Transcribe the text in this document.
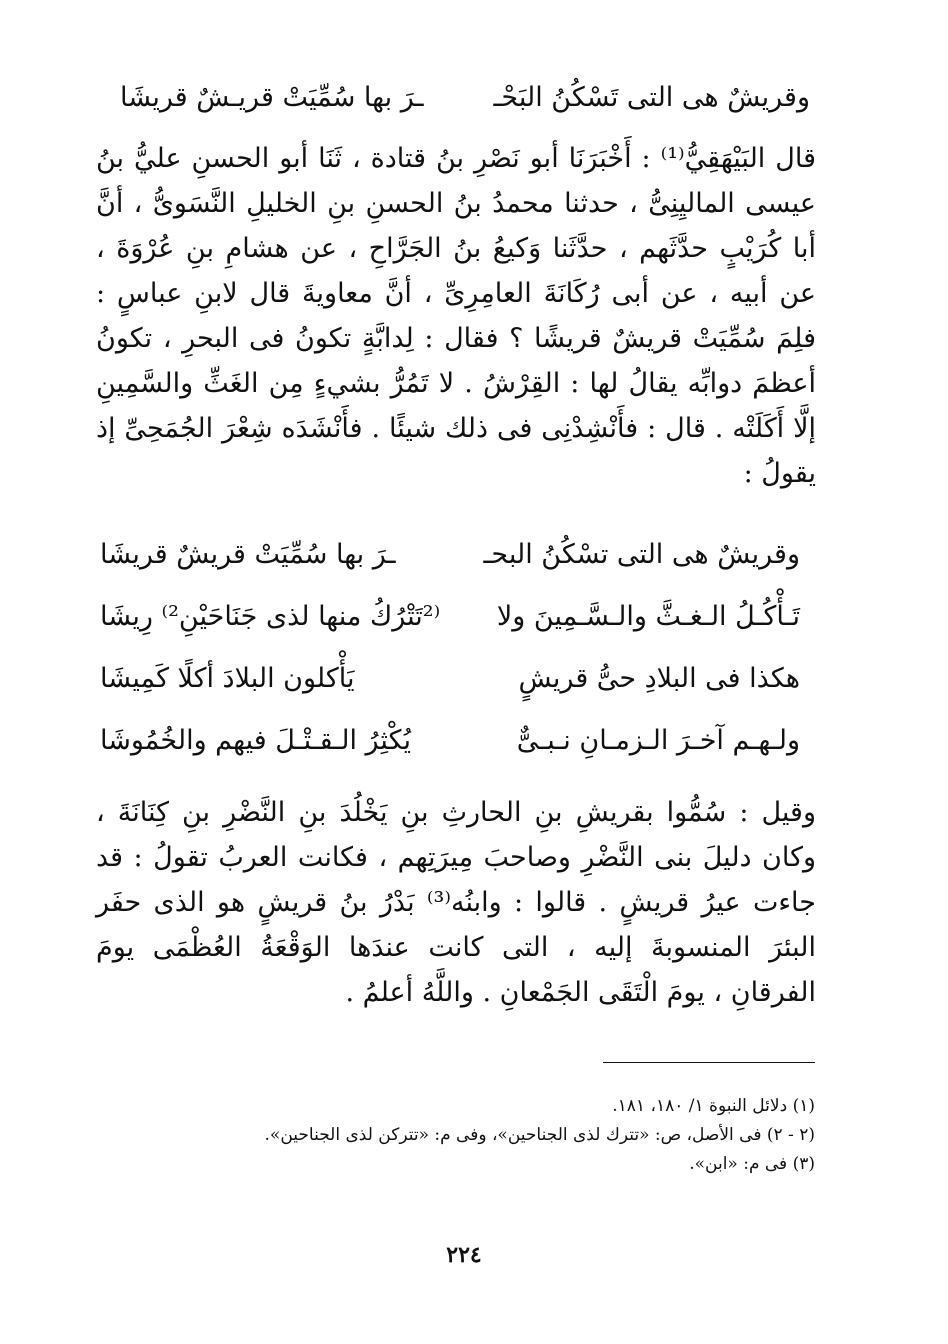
وقريشٌ هى التى تَسْكُنُ البَحْـ
ـرَ بها سُمِّيَتْ قريـشٌ قريشَا

قال البَيْهَقِيُّ⁽¹⁾ : أَخْبَرَنَا أبو نَصْرِ بنُ قتادة ، ثَنَا أبو الحسنِ عليُّ بنُ عيسى الماليِنِىُّ ، حدثنا محمدُ بنُ الحسنِ بنِ الخليلِ النَّسَوىُّ ، أنَّ أبا كُرَيْبٍ حدَّثَهم ، حدَّثَنا وَكيعُ بنُ الجَرَّاحِ ، عن هشامِ بنِ عُرْوَةَ ، عن أبيه ، عن أبى رُكَانَةَ العامِرِىِّ ، أنَّ معاويةَ قال لابنِ عباسٍ : فلِمَ سُمِّيَتْ قريشٌ قريشًا ؟ فقال : لِدابَّةٍ تكونُ فى البحرِ ، تكونُ أعظمَ دوابِّه يقالُ لها : القِرْشُ . لا تَمُرُّ بشيءٍ مِن الغَثِّ والسَّمِينِ إلَّا أَكَلَتْه . قال : فأَنْشِدْنِى فى ذلك شيئًا . فأَنْشَدَه شِعْرَ الجُمَحِىِّ إذ يقولُ :

وقريشٌ هى التى تسْكُنُ البحـ
ـرَ بها سُمِّيَتْ قريشٌ قريشَا
تَـأْكُـلُ الـغـثَّ والـسَّـمِينَ ولا
⁽²تَتْرُكُ منها لذى جَنَاحَيْنِ²⁾ رِيشَا
هكذا فى البلادِ حىُّ قريشٍ
يَأْكلون البلادَ أكلًا كَمِيشَا
ولـهـم آخـرَ الـزمـانِ نـبـىٌّ
يُكْثِرُ الـقـتْـلَ فيهم والخُمُوشَا

وقيل : سُمُّوا بقريشِ بنِ الحارثِ بنِ يَخْلُدَ بنِ النَّضْرِ بنِ كِنَانَةَ ، وكان دليلَ بنى النَّضْرِ وصاحبَ مِيرَتِهم ، فكانت العربُ تقولُ : قد جاءت عيرُ قريشٍ . قالوا : وابنُه⁽³⁾ بَدْرُ بنُ قريشٍ هو الذى حفَر البئرَ المنسوبةَ إليه ، التى كانت عندَها الوَقْعَةُ العُظْمَى يومَ الفرقانِ ، يومَ الْتَقَى الجَمْعانِ . واللَّهُ أعلمُ .

(١) دلائل النبوة ١/ ١٨٠، ١٨١.
(٢ - ٢) فى الأصل، ص: «تترك لذى الجناحين»، وفى م: «تتركن لذى الجناحين».
(٣) فى م: «ابن».
٢٢٤
